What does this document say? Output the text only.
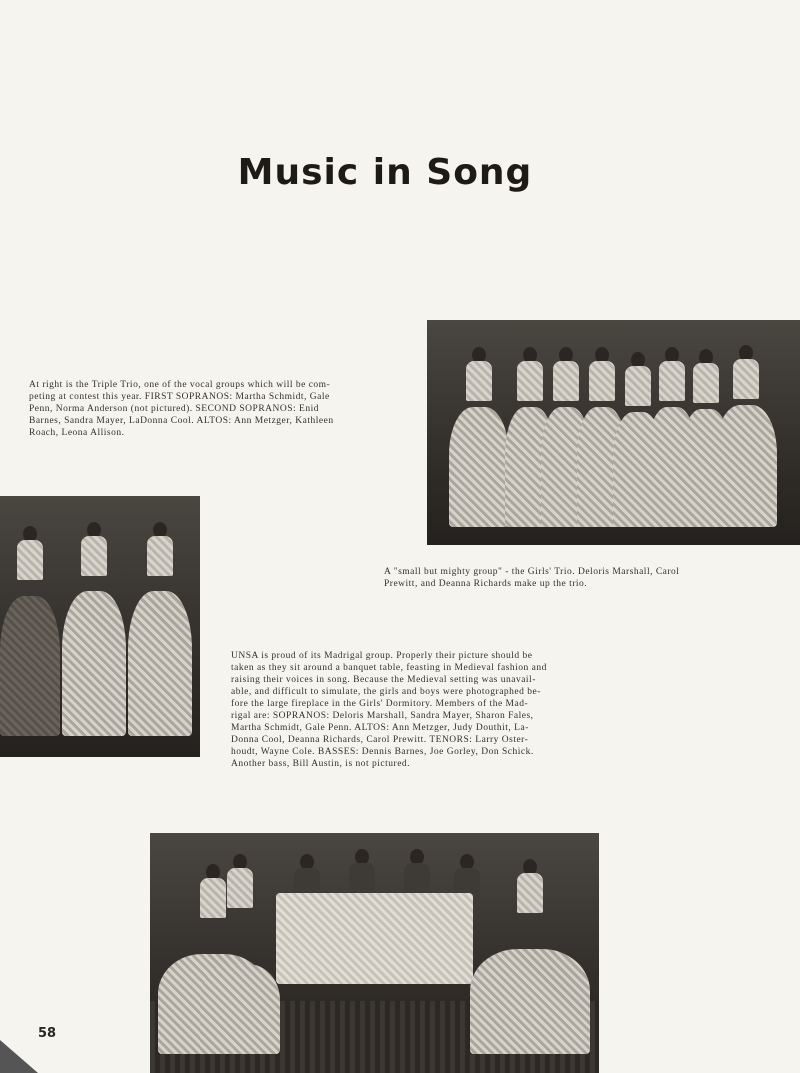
Music in Song
At right is the Triple Trio, one of the vocal groups which will be com-
peting at contest this year. FIRST SOPRANOS: Martha Schmidt, Gale
Penn, Norma Anderson (not pictured). SECOND SOPRANOS: Enid
Barnes, Sandra Mayer, LaDonna Cool. ALTOS: Ann Metzger, Kathleen
Roach, Leona Allison.
A "small but mighty group" - the Girls' Trio. Deloris Marshall, Carol
Prewitt, and Deanna Richards make up the trio.
UNSA is proud of its Madrigal group. Properly their picture should be
taken as they sit around a banquet table, feasting in Medieval fashion and
raising their voices in song. Because the Medieval setting was unavail-
able, and difficult to simulate, the girls and boys were photographed be-
fore the large fireplace in the Girls' Dormitory. Members of the Mad-
rigal are: SOPRANOS: Deloris Marshall, Sandra Mayer, Sharon Fales,
Martha Schmidt, Gale Penn. ALTOS: Ann Metzger, Judy Douthit, La-
Donna Cool, Deanna Richards, Carol Prewitt. TENORS: Larry Oster-
houdt, Wayne Cole. BASSES: Dennis Barnes, Joe Gorley, Don Schick.
Another bass, Bill Austin, is not pictured.
58
